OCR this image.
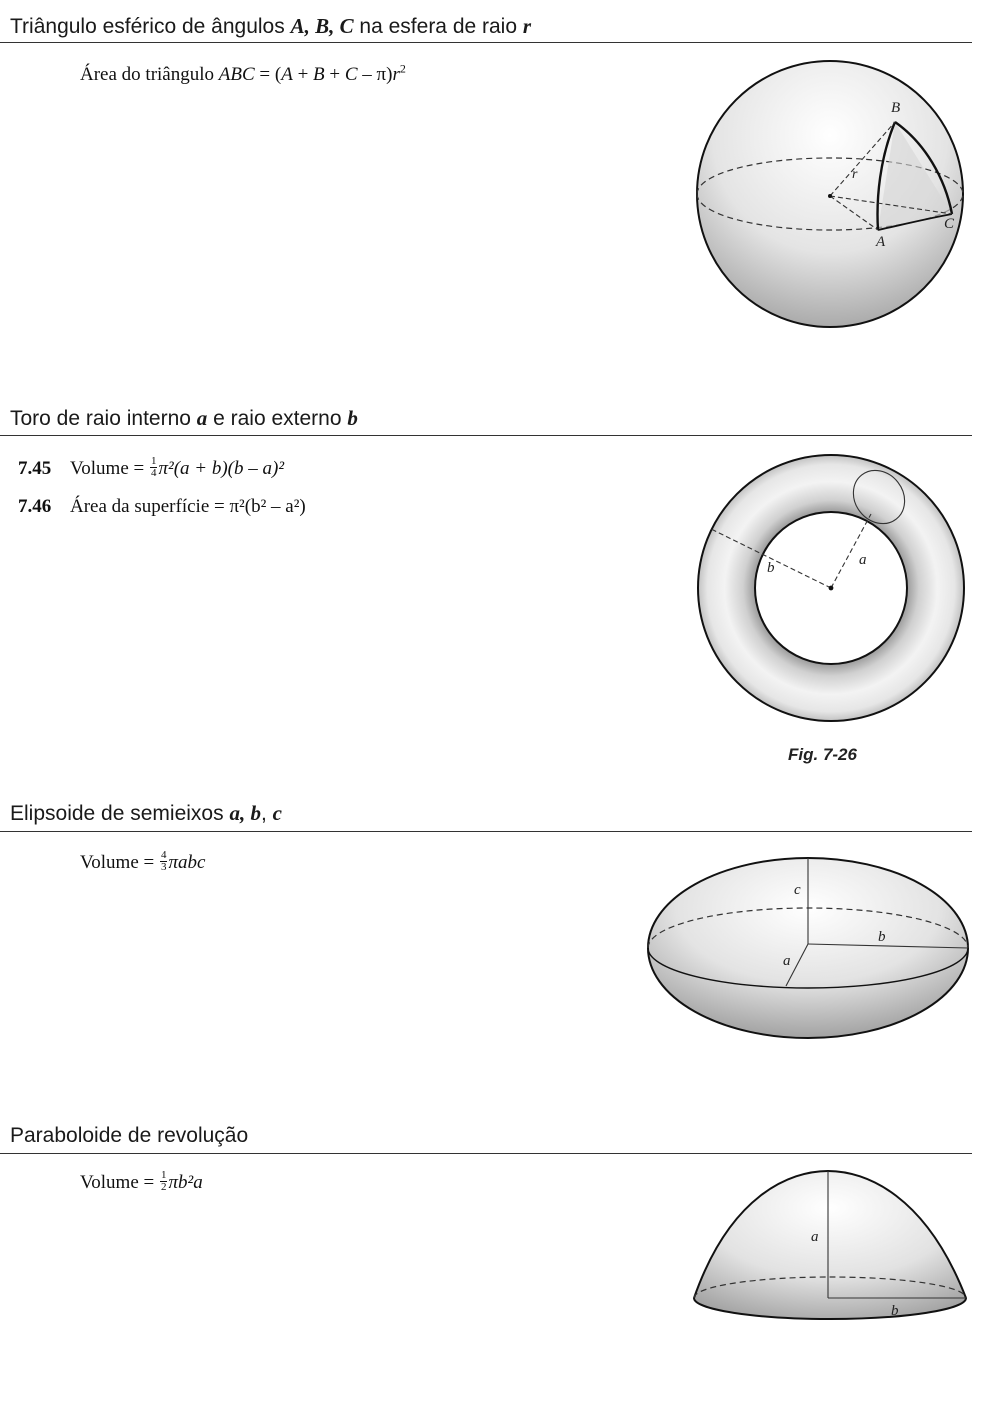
Triângulo esférico de ângulos A, B, C na esfera de raio r
Área do triângulo ABC = $(A + B + C - \pi)r^2$
B
A
C
r
Toro de raio interno a e raio externo b
7.45 Volume = $\frac{1}{4} \pi^2(a + b)(b - a)^2$
7.46 Área da superfície = π²(b² – a²)
a
b
Fig. 7-26
Elipsoide de semieixos a, b, c
Volume = $\frac{4}{3}$ πabc
c
b
a
Paraboloide de revolução
Volume = $\frac{1}{2} \pi b^2a$
a
b
